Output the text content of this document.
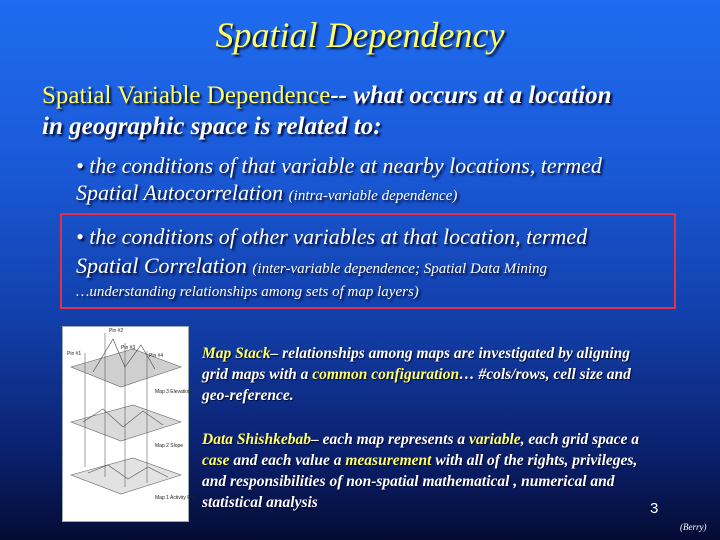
Spatial Dependency
Spatial Variable Dependence-- what occurs at a location
in geographic space is related to:
• the conditions of that variable at nearby locations, termed
Spatial Autocorrelation (intra-variable dependence)
• the conditions of other variables at that location, termed
Spatial Correlation (inter-variable dependence; Spatial Data Mining
…understanding relationships among sets of map layers)
Pin #2
Pin #1
Pin #3
Pin #4
Map 3 Elevation
Map 2 Slope
Map 1 Activity Pts
Map Stack– relationships among maps are investigated by aligning grid maps with a common configuration… #cols/rows, cell size and geo-reference.
Data Shishkebab– each map represents a variable, each grid space a case and each value a measurement with all of the rights, privileges, and responsibilities of non-spatial mathematical , numerical and statistical analysis	3
(Berry)
